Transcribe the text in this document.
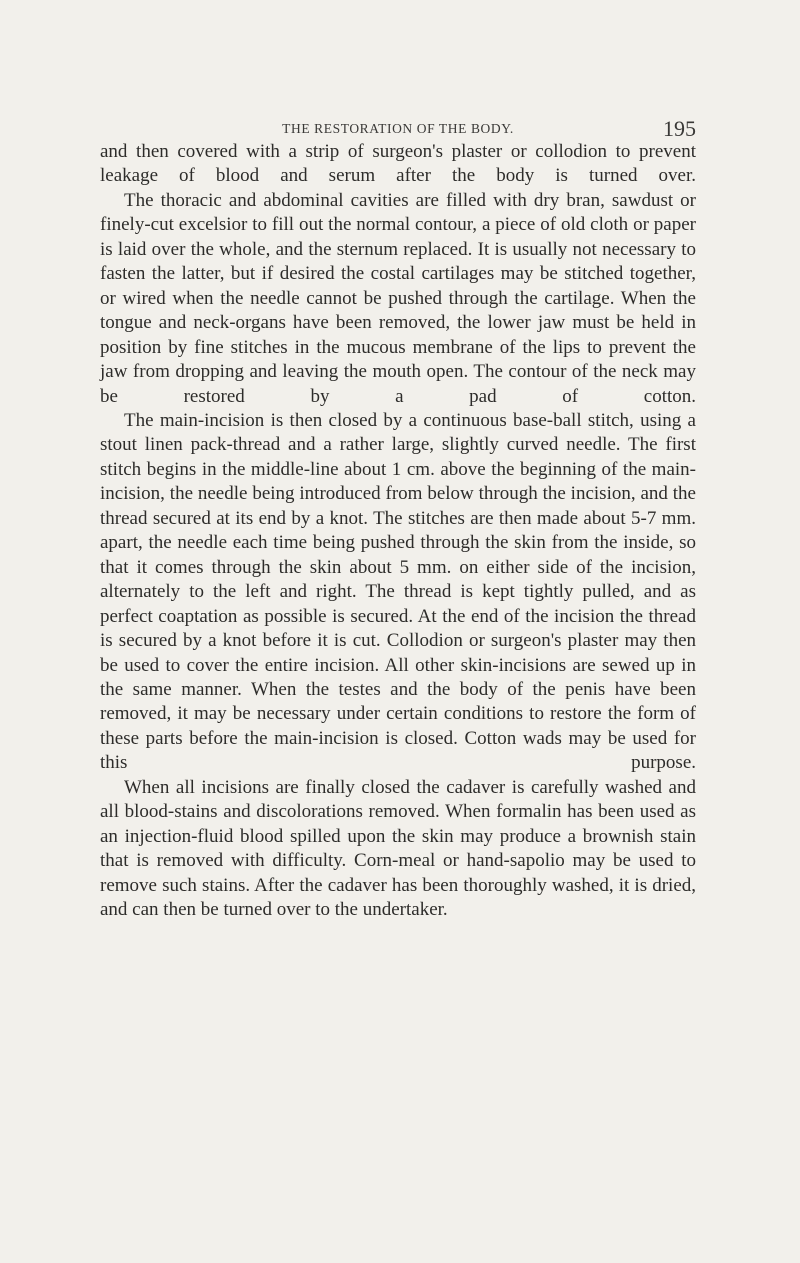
THE RESTORATION OF THE BODY.	195

and then covered with a strip of surgeon's plaster or collodion to prevent leakage of blood and serum after the body is turned over.

The thoracic and abdominal cavities are filled with dry bran, sawdust or finely-cut excelsior to fill out the normal contour, a piece of old cloth or paper is laid over the whole, and the sternum replaced. It is usually not necessary to fasten the latter, but if desired the costal cartilages may be stitched together, or wired when the needle cannot be pushed through the cartilage. When the tongue and neck-organs have been removed, the lower jaw must be held in position by fine stitches in the mucous membrane of the lips to prevent the jaw from dropping and leaving the mouth open. The contour of the neck may be restored by a pad of cotton.

The main-incision is then closed by a continuous base-ball stitch, using a stout linen pack-thread and a rather large, slightly curved needle. The first stitch begins in the middle-line about 1 cm. above the beginning of the main-incision, the needle being introduced from below through the incision, and the thread secured at its end by a knot. The stitches are then made about 5-7 mm. apart, the needle each time being pushed through the skin from the inside, so that it comes through the skin about 5 mm. on either side of the incision, alternately to the left and right. The thread is kept tightly pulled, and as perfect coaptation as possible is secured. At the end of the incision the thread is secured by a knot before it is cut. Collodion or surgeon's plaster may then be used to cover the entire incision. All other skin-incisions are sewed up in the same manner. When the testes and the body of the penis have been removed, it may be necessary under certain conditions to restore the form of these parts before the main-incision is closed. Cotton wads may be used for this purpose.

When all incisions are finally closed the cadaver is carefully washed and all blood-stains and discolorations removed. When formalin has been used as an injection-fluid blood spilled upon the skin may produce a brownish stain that is removed with difficulty. Corn-meal or hand-sapolio may be used to remove such stains. After the cadaver has been thoroughly washed, it is dried, and can then be turned over to the undertaker.
